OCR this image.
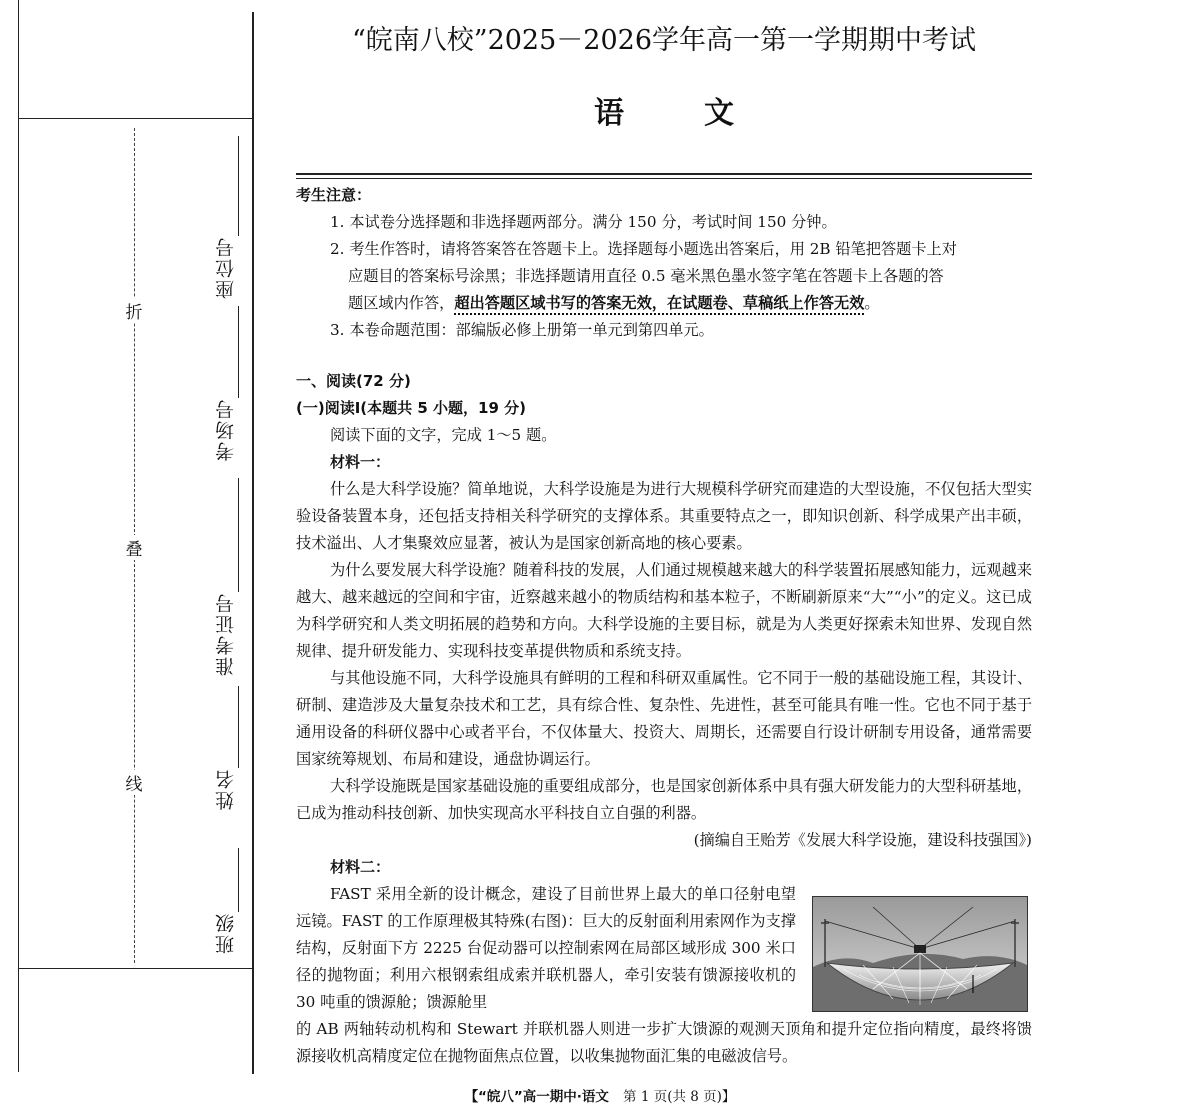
折
叠
线
座位号
考场号
准考证号
姓名
班级
“皖南八校”2025－2026学年高一第一学期期中考试
语文
考生注意：
1. 本试卷分选择题和非选择题两部分。满分 150 分，考试时间 150 分钟。
2. 考生作答时，请将答案答在答题卡上。选择题每小题选出答案后，用 2B 铅笔把答题卡上对
应题目的答案标号涂黑；非选择题请用直径 0.5 毫米黑色墨水签字笔在答题卡上各题的答
题区域内作答，超出答题区域书写的答案无效，在试题卷、草稿纸上作答无效。
3. 本卷命题范围：部编版必修上册第一单元到第四单元。
一、阅读(72 分)
(一)阅读Ⅰ(本题共 5 小题，19 分)

阅读下面的文字，完成 1～5 题。

材料一：

什么是大科学设施？简单地说，大科学设施是为进行大规模科学研究而建造的大型设施，不仅包括大型实验设备装置本身，还包括支持相关科学研究的支撑体系。其重要特点之一，即知识创新、科学成果产出丰硕，技术溢出、人才集聚效应显著，被认为是国家创新高地的核心要素。

为什么要发展大科学设施？随着科技的发展，人们通过规模越来越大的科学装置拓展感知能力，远观越来越大、越来越远的空间和宇宙，近察越来越小的物质结构和基本粒子，不断刷新原来“大”“小”的定义。这已成为科学研究和人类文明拓展的趋势和方向。大科学设施的主要目标，就是为人类更好探索未知世界、发现自然规律、提升研发能力、实现科技变革提供物质和系统支持。

与其他设施不同，大科学设施具有鲜明的工程和科研双重属性。它不同于一般的基础设施工程，其设计、研制、建造涉及大量复杂技术和工艺，具有综合性、复杂性、先进性，甚至可能具有唯一性。它也不同于基于通用设备的科研仪器中心或者平台，不仅体量大、投资大、周期长，还需要自行设计研制专用设备，通常需要国家统筹规划、布局和建设，通盘协调运行。

大科学设施既是国家基础设施的重要组成部分，也是国家创新体系中具有强大研发能力的大型科研基地，已成为推动科技创新、加快实现高水平科技自立自强的利器。

(摘编自王贻芳《发展大科学设施，建设科技强国》)

材料二：

FAST 采用全新的设计概念，建设了目前世界上最大的单口径射电望远镜。FAST 的工作原理极其特殊(右图)：巨大的反射面利用索网作为支撑结构，反射面下方 2225 台促动器可以控制索网在局部区域形成 300 米口径的抛物面；利用六根钢索组成索并联机器人，牵引安装有馈源接收机的 30 吨重的馈源舱；馈源舱里

的 AB 两轴转动机构和 Stewart 并联机器人则进一步扩大馈源的观测天顶角和提升定位指向精度，最终将馈源接收机高精度定位在抛物面焦点位置，以收集抛物面汇集的电磁波信号。

【“皖八”高一期中·语文 第 1 页(共 8 页)】
